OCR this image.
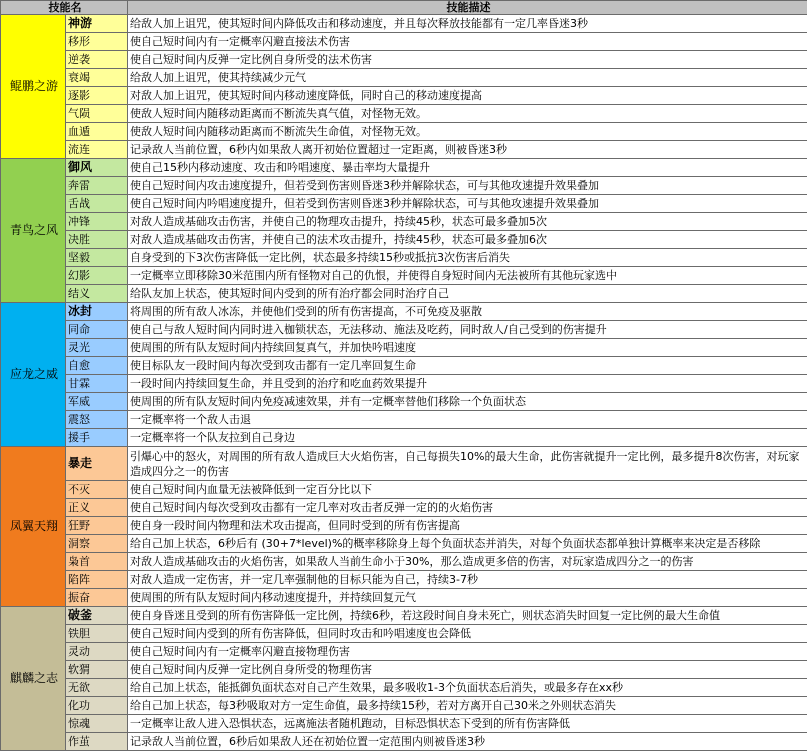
技能名		技能描述
鲲鹏之游	神游	给敌人加上诅咒，使其短时间内降低攻击和移动速度，并且每次释放技能都有一定几率昏迷3秒
	移形	使自己短时间内有一定概率闪避直接法术伤害
	逆袭	使自己短时间内反弹一定比例自身所受的法术伤害
	衰竭	给敌人加上诅咒，使其持续减少元气
	逐影	对敌人加上诅咒，使其短时间内移动速度降低，同时自己的移动速度提高
	气陨	使敌人短时间内随移动距离而不断流失真气值，对怪物无效。
	血遁	使敌人短时间内随移动距离而不断流失生命值，对怪物无效。
	流连	记录敌人当前位置，6秒内如果敌人离开初始位置超过一定距离，则被昏迷3秒
青鸟之风	御风	使自己15秒内移动速度、攻击和吟唱速度、暴击率均大量提升
	奔雷	使自己短时间内攻击速度提升，但若受到伤害则昏迷3秒并解除状态，可与其他攻速提升效果叠加
	舌战	使自己短时间内吟唱速度提升，但若受到伤害则昏迷3秒并解除状态，可与其他攻速提升效果叠加
	冲锋	对敌人造成基础攻击伤害，并使自己的物理攻击提升，持续45秒，状态可最多叠加5次
	决胜	对敌人造成基础攻击伤害，并使自己的法术攻击提升，持续45秒，状态可最多叠加6次
	坚毅	自身受到的下3次伤害降低一定比例，状态最多持续15秒或抵抗3次伤害后消失
	幻影	一定概率立即移除30米范围内所有怪物对自己的仇恨，并使得自身短时间内无法被所有其他玩家选中
	结义	给队友加上状态，使其短时间内受到的所有治疗都会同时治疗自己
应龙之威	冰封	将周围的所有敌人冰冻，并使他们受到的所有伤害提高，不可免疫及驱散
	同命	使自己与敌人短时间内同时进入枷锁状态，无法移动、施法及吃药，同时敌人/自己受到的伤害提升
	灵光	使周围的所有队友短时间内持续回复真气，并加快吟唱速度
	自愈	使目标队友一段时间内每次受到攻击都有一定几率回复生命
	甘霖	一段时间内持续回复生命，并且受到的治疗和吃血药效果提升
	军威	使周围的所有队友短时间内免疫减速效果，并有一定概率替他们移除一个负面状态
	震怒	一定概率将一个敌人击退
	援手	一定概率将一个队友拉到自己身边
凤翼天翔	暴走	引爆心中的怒火，对周围的所有敌人造成巨大火焰伤害，自己每损失10%的最大生命，此伤害就提升一定比例，最多提升8次伤害，对玩家造成四分之一的伤害
	不灭	使自己短时间内血量无法被降低到一定百分比以下
	正义	使自己短时间内每次受到攻击都有一定几率对攻击者反弹一定的的火焰伤害
	狂野	使自身一段时间内物理和法术攻击提高，但同时受到的所有伤害提高
	洞察	给自己加上状态，6秒后有 (30+7*level)%的概率移除身上每个负面状态并消失，对每个负面状态都单独计算概率来决定是否移除
	枭首	对敌人造成基础攻击的火焰伤害，如果敌人当前生命小于30%，那么造成更多倍的伤害，对玩家造成四分之一的伤害
	陷阵	对敌人造成一定伤害，并一定几率强制他的目标只能为自己，持续3-7秒
	振奋	使周围的所有队友短时间内移动速度提升，并持续回复元气
麒麟之志	破釜	使自身昏迷且受到的所有伤害降低一定比例，持续6秒，若这段时间自身未死亡，则状态消失时回复一定比例的最大生命值
	铁胆	使自己短时间内受到的所有伤害降低，但同时攻击和吟唱速度也会降低
	灵动	使自己短时间内有一定概率闪避直接物理伤害
	软猬	使自己短时间内反弹一定比例自身所受的物理伤害
	无欲	给自己加上状态，能抵御负面状态对自己产生效果，最多吸收1-3个负面状态后消失，或最多存在xx秒
	化功	给自己加上状态，每3秒吸取对方一定生命值，最多持续15秒，若对方离开自己30米之外则状态消失
	惊魂	一定概率让敌人进入恐惧状态，远离施法者随机跑动，目标恐惧状态下受到的所有伤害降低
	作茧	记录敌人当前位置，6秒后如果敌人还在初始位置一定范围内则被昏迷3秒
